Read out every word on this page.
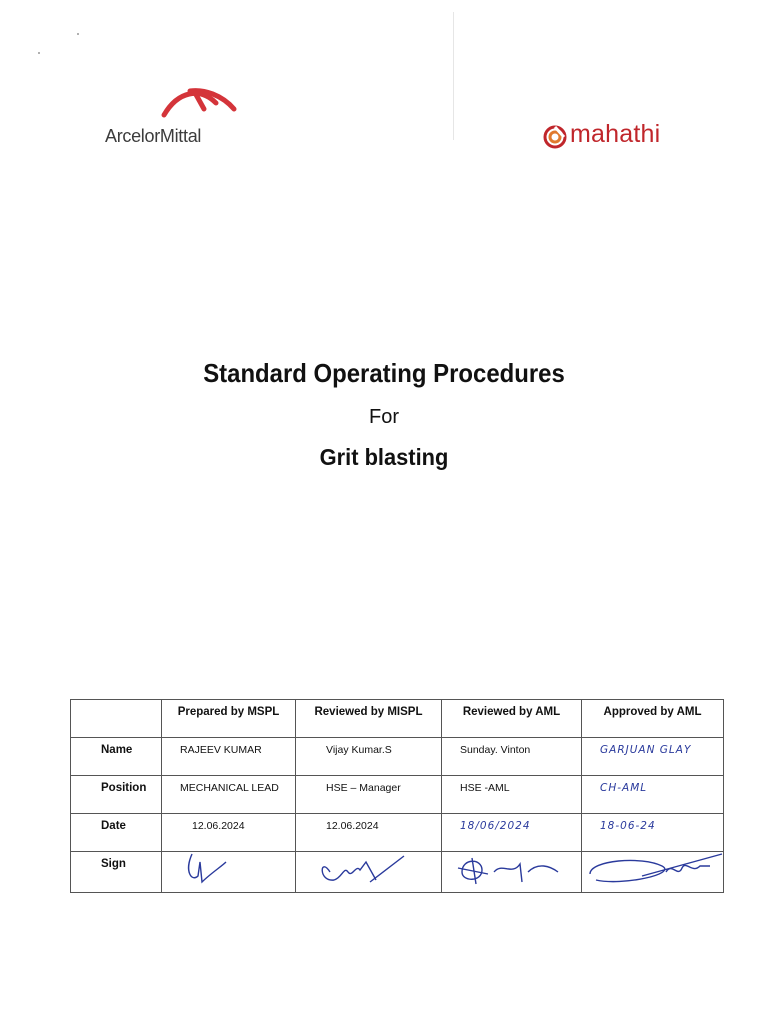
ArcelorMittal	mahathi
Standard Operating Procedures
For
Grit blasting
	Prepared by MSPL	Reviewed by MISPL	Reviewed by AML	Approved by AML
Name	RAJEEV KUMAR	Vijay Kumar.S	Sunday. Vinton	GARJUAN GLAY
Position	MECHANICAL LEAD	HSE – Manager	HSE -AML	CH-AML
Date	12.06.2024	12.06.2024	18/06/2024	18-06-24
Sign	
